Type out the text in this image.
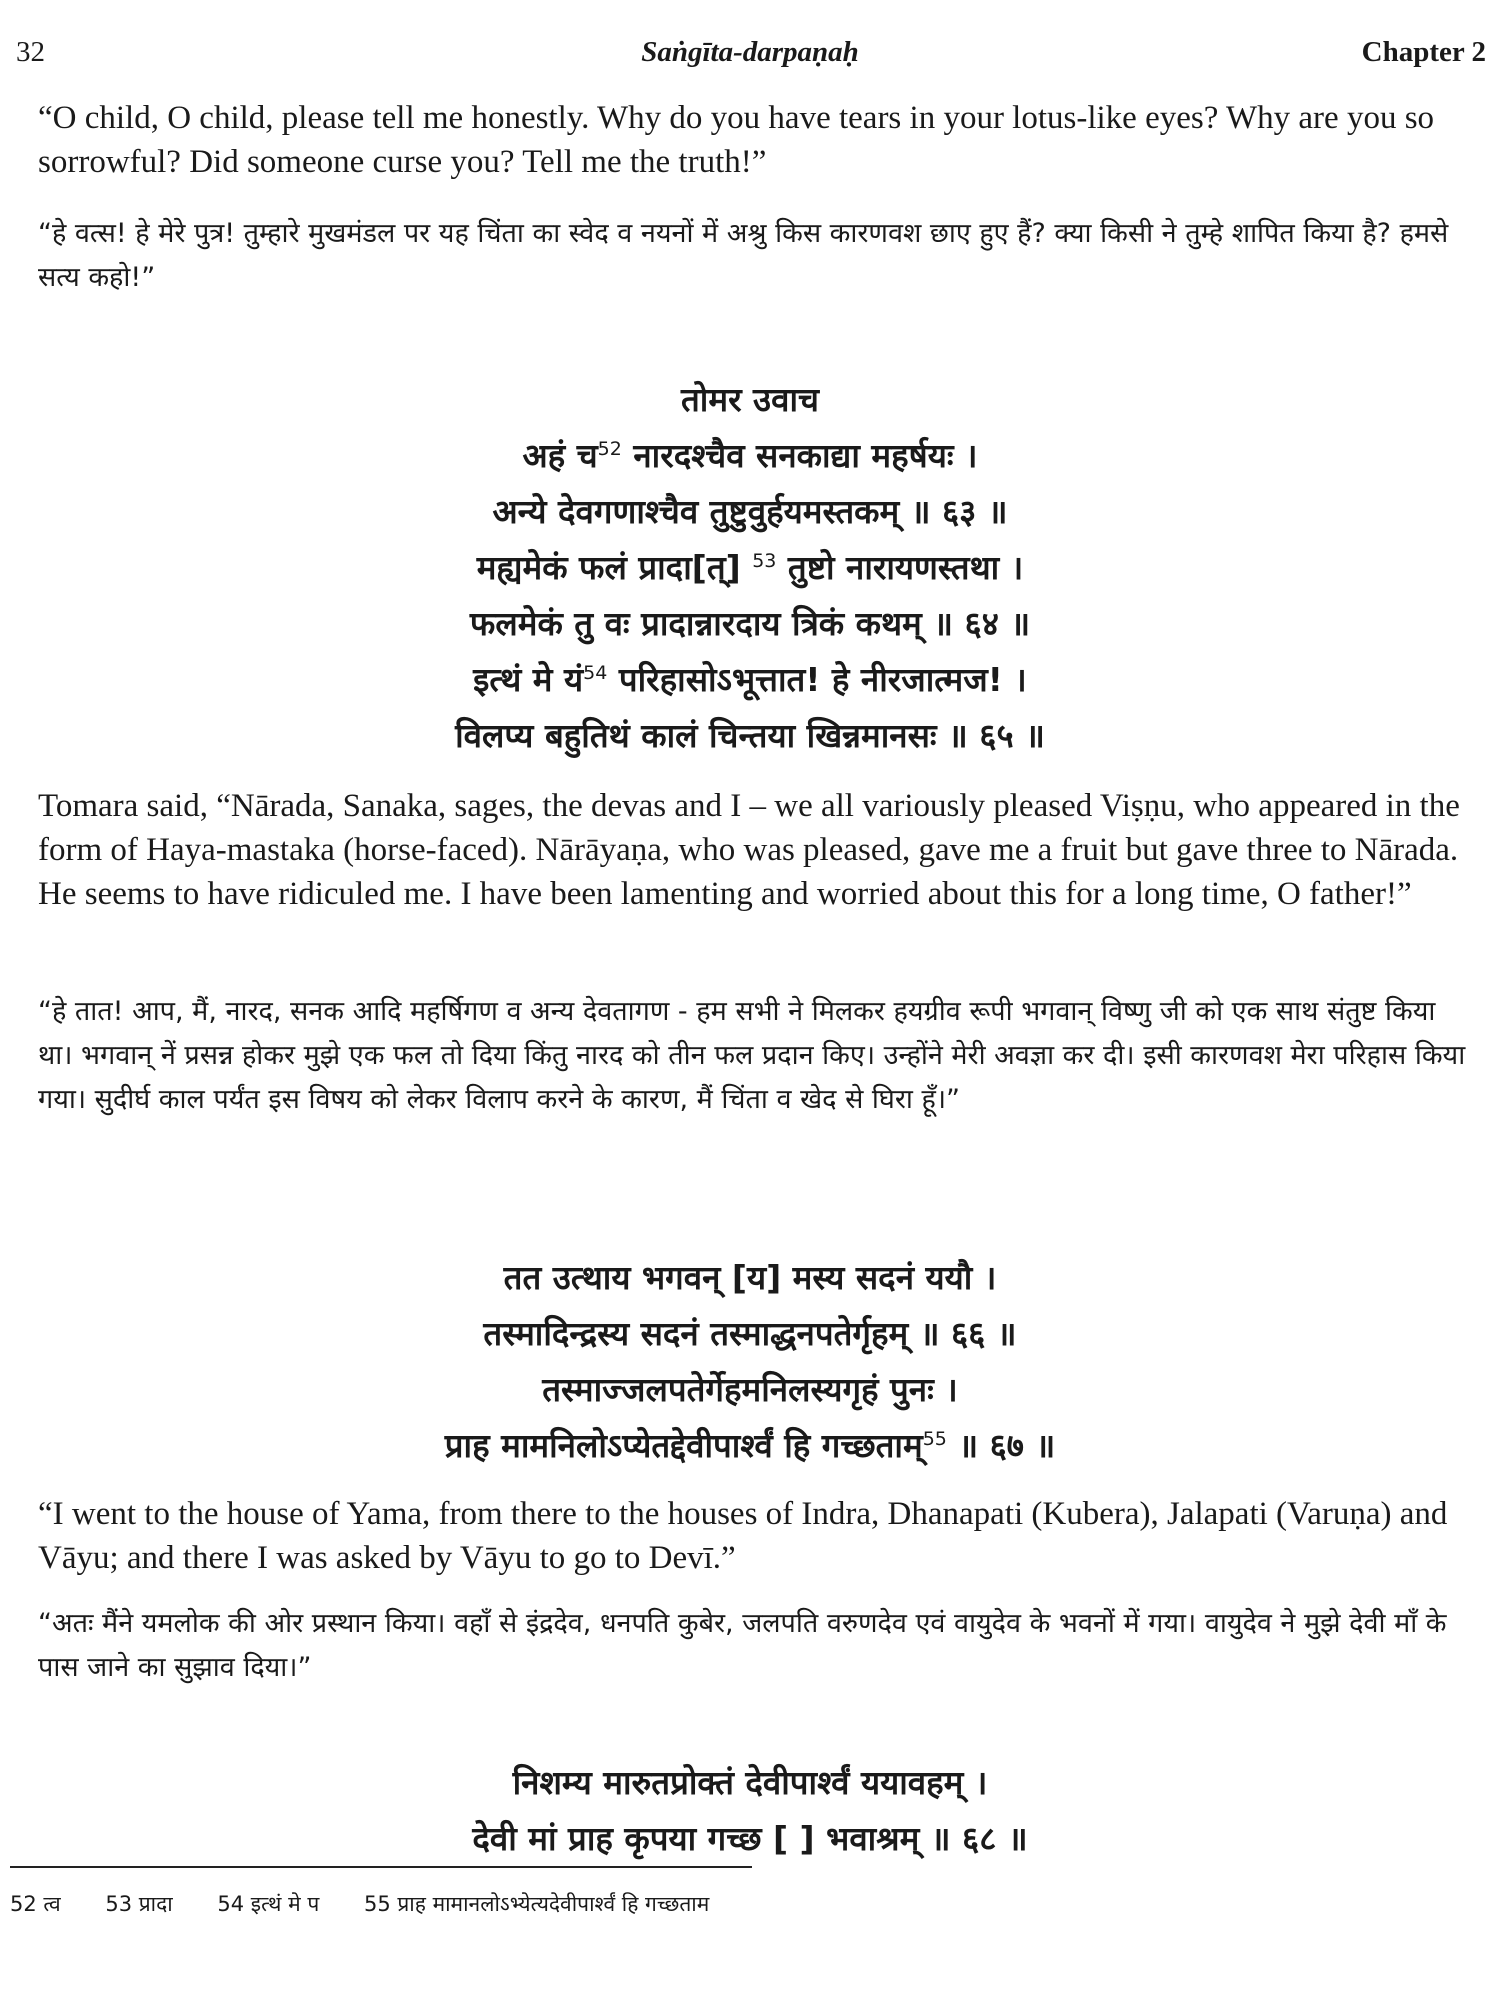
32	Saṅgīta-darpaṇaḥ	Chapter 2

“O child, O child, please tell me honestly. Why do you have tears in your lotus-like eyes? Why are you so sorrowful? Did someone curse you? Tell me the truth!”

“हे वत्स! हे मेरे पुत्र! तुम्हारे मुखमंडल पर यह चिंता का स्वेद व नयनों में अश्रु किस कारणवश छाए हुए हैं? क्या किसी ने तुम्हे शापित किया है? हमसे सत्य कहो!”

तोमर उवाच
अहं च$^{52}$ नारदश्चैव सनकाद्या महर्षयः ।
अन्ये देवगणाश्चैव तुष्टुवुर्हयमस्तकम् ॥ ६३ ॥
मह्यमेकं फलं प्रादा[त्] $^{53}$ तुष्टो नारायणस्तथा ।
फलमेकं तु वः प्रादान्नारदाय त्रिकं कथम् ॥ ६४ ॥
इत्थं मे यं$^{54}$ परिहासोऽभूत्तात! हे नीरजात्मज! ।
विलप्य बहुतिथं कालं चिन्तया खिन्नमानसः ॥ ६५ ॥

Tomara said, “Nārada, Sanaka, sages, the devas and I – we all variously pleased Viṣṇu, who appeared in the form of Haya-mastaka (horse-faced). Nārāyaṇa, who was pleased, gave me a fruit but gave three to Nārada. He seems to have ridiculed me. I have been lamenting and worried about this for a long time, O father!”

“हे तात! आप, मैं, नारद, सनक आदि महर्षिगण व अन्य देवतागण - हम सभी ने मिलकर हयग्रीव रूपी भगवान् विष्णु जी को एक साथ संतुष्ट किया था। भगवान् नें प्रसन्न होकर मुझे एक फल तो दिया किंतु नारद को तीन फल प्रदान किए। उन्होंने मेरी अवज्ञा कर दी। इसी कारणवश मेरा परिहास किया गया। सुदीर्घ काल पर्यंत इस विषय को लेकर विलाप करने के कारण, मैं चिंता व खेद से घिरा हूँ।”

तत उत्थाय भगवन् [य] मस्य सदनं ययौ ।
तस्मादिन्द्रस्य सदनं तस्माद्धनपतेर्गृहम् ॥ ६६ ॥
तस्माज्जलपतेर्गेहमनिलस्यगृहं पुनः ।
प्राह मामनिलोऽप्येतद्देवीपार्श्वं हि गच्छताम्$^{55}$ ॥ ६७ ॥

“I went to the house of Yama, from there to the houses of Indra, Dhanapati (Kubera), Jalapati (Varuṇa) and Vāyu; and there I was asked by Vāyu to go to Devī.”

“अतः मैंने यमलोक की ओर प्रस्थान किया। वहाँ से इंद्रदेव, धनपति कुबेर, जलपति वरुणदेव एवं वायुदेव के भवनों में गया। वायुदेव ने मुझे देवी माँ के पास जाने का सुझाव दिया।”

निशम्य मारुतप्रोक्तं देवीपार्श्वं ययावहम् ।
देवी मां प्राह कृपया गच्छ [ ] भवाश्रम् ॥ ६८ ॥
52 त्व 53 प्रादा 54 इत्थं मे प 55 प्राह मामानलोऽभ्येत्यदेवीपार्श्वं हि गच्छताम
